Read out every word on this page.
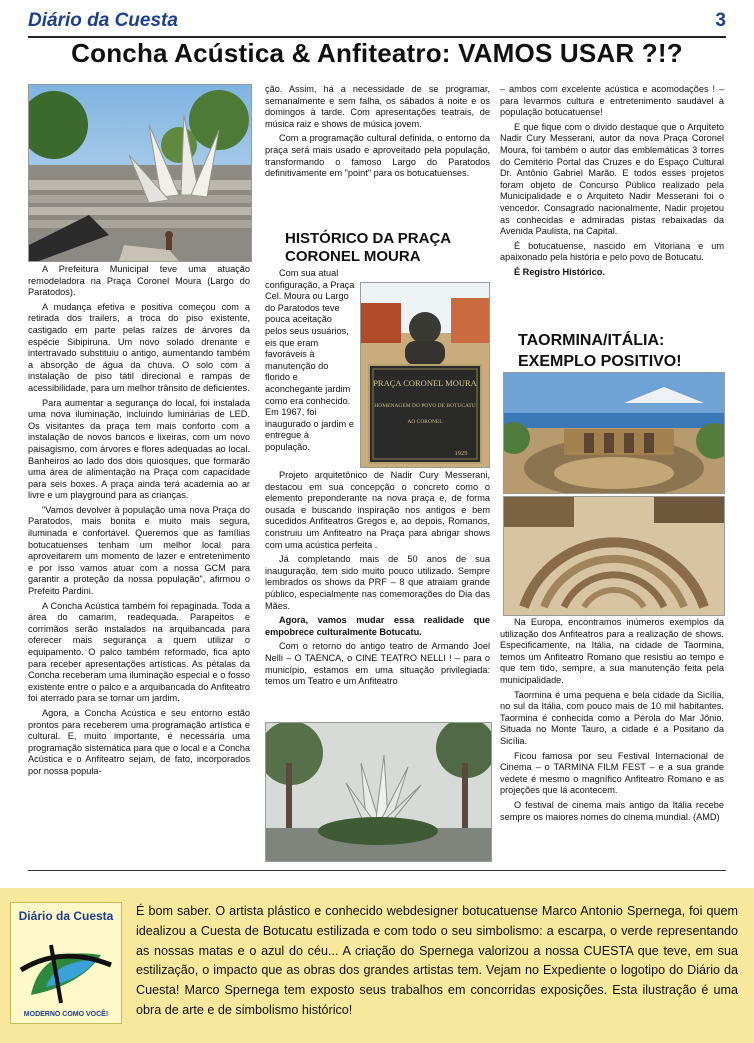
Diário da Cuesta	3
Concha Acústica & Anfiteatro: VAMOS USAR ?!?

A Prefeitura Municipal teve uma atuação remodeladora na Praça Coronel Moura (Largo do Paratodos).

A mudança efetiva e positiva começou com a retirada dos trailers, a troca do piso existente, castigado em parte pelas raízes de árvores da espécie Sibipiruna. Um novo solado drenante e intertravado substituiu o antigo, aumentando também a absorção de água da chuva. O solo com a instalação de piso tátil direcional e rampas de acessibilidade, para um melhor trânsito de deficientes.

Para aumentar a segurança do local, foi instalada uma nova iluminação, incluindo luminárias de LED. Os visitantes da praça tem mais conforto com a instalação de novos bancos e lixeiras, com um novo paisagismo, com árvores e flores adequadas ao local. Banheiros ao lado dos dois quiosques, que formarão uma área de alimentação na Praça com capacidade para seis boxes. A praça ainda terá academia ao ar livre e um playground para as crianças.

"Vamos devolver à população uma nova Praça do Paratodos, mais bonita e muito mais segura, iluminada e confortável. Queremos que as famílias botucatuenses tenham um melhor local para aproveitarem um momento de lazer e entretenimento e por isso vamos atuar com a nossa GCM para garantir a proteção da nossa população", afirmou o Prefeito Pardini.

A Concha Acústica também foi repaginada. Toda a área do camarim, readequada. Parapeitos e corrimãos serão instalados na arquibancada para oferecer mais segurança a quem utilizar o equipamento. O palco também reformado, fica apto para receber apresentações artísticas. As pétalas da Concha receberam uma iluminação especial e o fosso existente entre o palco e a arquibancada do Anfiteatro foi aterrado para se tornar um jardim.

Agora, a Concha Acústica e seu entorno estão prontos para receberem uma programação artística e cultural. E, muito importante, é necessária uma programação sistemática para que o local e a Concha Acústica e o Anfiteatro sejam, de fato, incorporados por nossa popula-

ção. Assim, há a necessidade de se programar, semanalmente e sem falha, os sábados à noite e os domingos à tarde. Com apresentações teatrais, de música raiz e shows de música jovem.

Com a programação cultural definida, o entorno da praça será mais usado e aproveitado pela população, transformando o famoso Largo do Paratodos definitivamente em "point" para os botucatuenses.

HISTÓRICO DA PRAÇA CORONEL MOURA
PRAÇA CORONEL MOURA
HOMENAGEM DO POVO DE BOTUCATU
AO CORONEL
1929

Com sua atual configuração, a Praça Cel. Moura ou Largo do Paratodos teve pouca aceitação pelos seus usuários, eis que eram favoráveis à manutenção do florido e aconchegante jardim como era conhecido. Em 1967, foi inaugurado o jardim e entregue à população.

Projeto arquitetônico de Nadir Cury Messerani, destacou em sua concepção o concreto como o elemento preponderante na nova praça e, de forma ousada e buscando inspiração nos antigos e bem sucedidos Anfiteatros Gregos e, ao depois, Romanos, construiu um Anfiteatro na Praça para abrigar shows com uma acústica perfeita .

Já completando mais de 50 anos de sua inauguração, tem sido muito pouco utilizado. Sempre lembrados os shows da PRF – 8 que atraiam grande público, especialmente nas comemorações do Dia das Mães.

Agora, vamos mudar essa realidade que empobrece culturalmente Botucatu.

Com o retorno do antigo teatro de Armando Joel Nelli – O TAENCA, o CINE TEATRO NELLI ! – para o município, estamos em uma situação privilegiada: temos um Teatro e um Anfiteatro

– ambos com excelente acústica e acomodações ! – para levarmos cultura e entretenimento saudável à população botucatuense!

E que fique com o divido destaque que o Arquiteto Nadir Cury Messerani, autor da nova Praça Coronel Moura, foi também o autor das emblemáticas 3 torres do Cemitério Portal das Cruzes e do Espaço Cultural Dr. Antônio Gabriel Marão. E todos esses projetos foram objeto de Concurso Público realizado pela Municipalidade e o Arquiteto Nadir Messerani foi o vencedor. Consagrado nacionalmente, Nadir projetou as conhecidas e admiradas pistas rebaixadas da Avenida Paulista, na Capital.

É botucatuense, nascido em Vitoriana e um apaixonado pela história e pelo povo de Botucatu.

É Registro Histórico.

TAORMINA/ITÁLIA: EXEMPLO POSITIVO!

Na Europa, encontramos inúmeros exemplos da utilização dos Anfiteatros para a realização de shows. Especificamente, na Itália, na cidade de Taormina, temos um Anfiteatro Romano que resistiu ao tempo e que tem tido, sempre, a sua manutenção feita pela municipalidade.

Taormina é uma pequena e bela cidade da Sicília, no sul da Itália, com pouco mais de 10 mil habitantes. Taormina é conhecida como a Pérola do Mar Jônio. Situada no Monte Tauro, a cidade é a Positano da Sicília.

Ficou famosa por seu Festival Internacional de Cinema – o TARMINA FILM FEST – e a sua grande vedete é mesmo o magnífico Anfiteatro Romano e as projeções que lá acontecem.

O festival de cinema mais antigo da Itália recebe sempre os maiores nomes do cinema mundial. (AMD)

Diário da Cuesta
MODERNO COMO VOCÊ!
É bom saber. O artista plástico e conhecido webdesigner botucatuense Marco Antonio Spernega, foi quem idealizou a Cuesta de Botucatu estilizada e com todo o seu simbolismo: a escarpa, o verde representando as nossas matas e o azul do céu... A criação do Spernega valorizou a nossa CUESTA que teve, em sua estilização, o impacto que as obras dos grandes artistas tem. Vejam no Expediente o logotipo do Diário da Cuesta! Marco Spernega tem exposto seus trabalhos em concorridas exposições. Esta ilustração é uma obra de arte e de simbolismo histórico!
